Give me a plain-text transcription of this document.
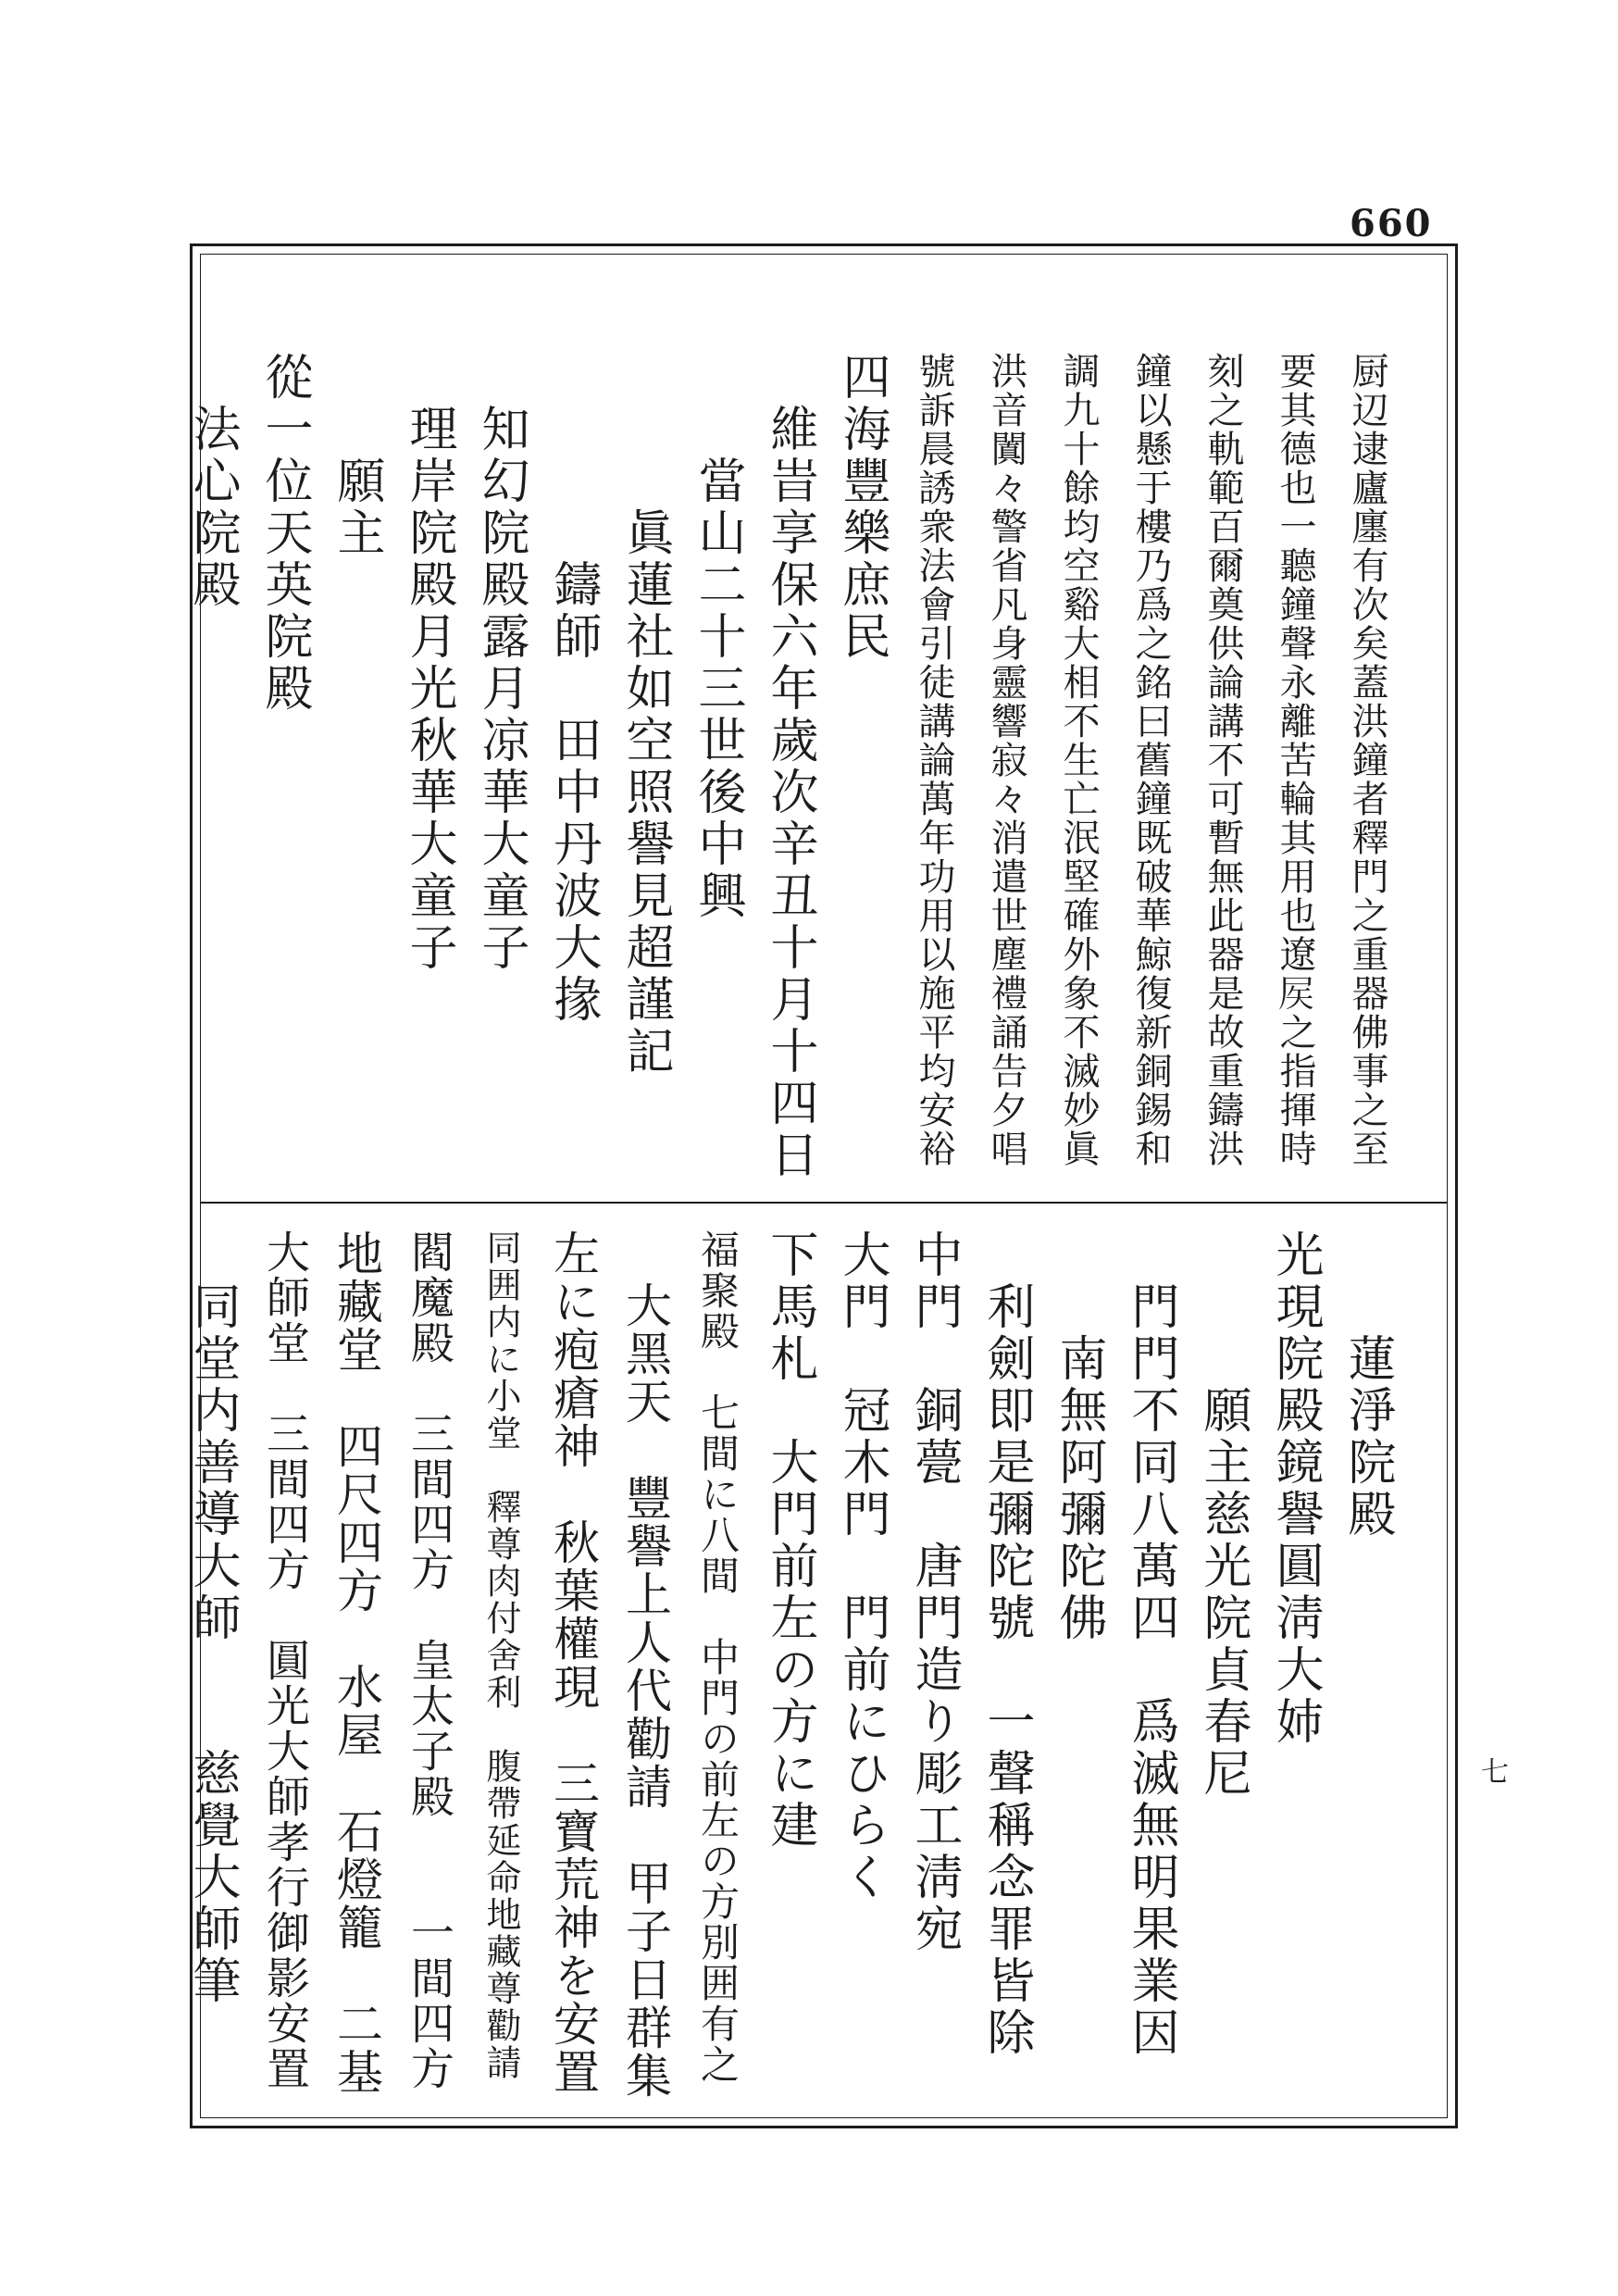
660
七
厨辺逮廬廛有次矣蓋洪鐘者釋門之重器佛事之至
要其德也一聽鐘聲永離苦輪其用也遼𡱁之指揮時
刻之軌範百爾奠供論講不可暫無此器是故重鑄洪
鐘以懸于樓乃爲之銘曰舊鐘既破華鯨復新銅錫和
調九十餘均空谿大相不生亡泯堅確外象不滅妙眞
洪音闐々警省凡身靈響寂々消遣世塵禮誦告夕唱
號訴晨誘衆法會引徒講論萬年功用以施平均安裕
四海豐樂庶民
維旹享保六年歲次辛丑十月十四日
當山二十三世後中興
眞蓮社如空照譽見超謹記
鑄師　田中丹波大掾
知幻院殿露月凉華大童子
理岸院殿月光秋華大童子
願主
從一位天英院殿
法心院殿
蓮淨院殿
光現院殿鏡譽圓淸大姉
願主慈光院貞春尼
門門不同八萬四　爲滅無明果業因
南無阿彌陀佛
利劍即是彌陀號　一聲稱念罪皆除
中門　銅甍　唐門造り彫工淸宛
大門　冠木門　門前にひらく
下馬札　大門前左の方に建
福聚殿　七間に八間　中門の前左の方別囲有之
大黑天　豐譽上人代勸請　甲子日群集
左に疱瘡神　秋葉權現　三寶荒神を安置
同囲内に小堂　釋尊肉付舍利　腹帶延命地藏尊勸請
閻魔殿　三間四方　皇太子殿　　一間四方
地藏堂　四尺四方　水屋　石燈籠　二基
大師堂　三間四方　圓光大師孝行御影安置
同堂内善導大師　　慈覺大師筆
